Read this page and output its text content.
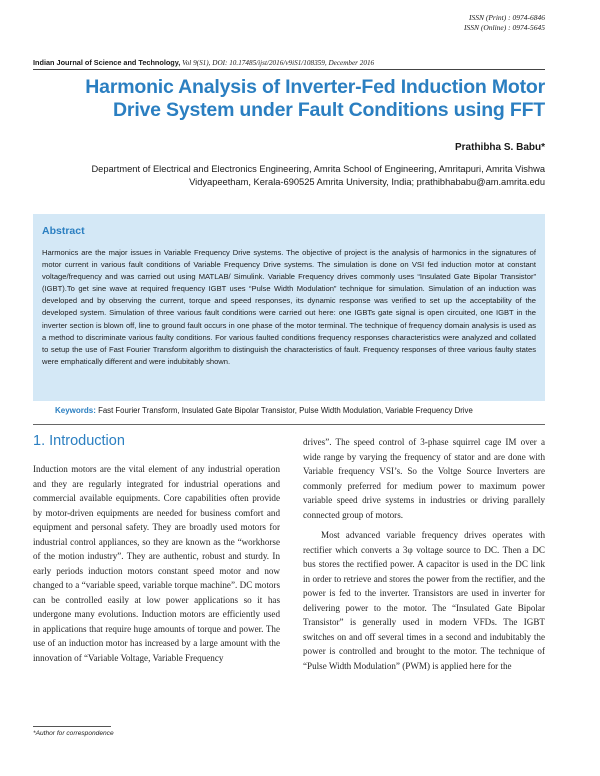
ISSN (Print) : 0974-6846
ISSN (Online) : 0974-5645
Indian Journal of Science and Technology, Vol 9(S1), DOI: 10.17485/ijst/2016/v9iS1/108359, December 2016
Harmonic Analysis of Inverter-Fed Induction Motor
Drive System under Fault Conditions using FFT
Prathibha S. Babu*
Department of Electrical and Electronics Engineering, Amrita School of Engineering, Amritapuri, Amrita Vishwa
Vidyapeetham, Kerala-690525 Amrita University, India; prathibhababu@am.amrita.edu
Abstract
Harmonics are the major issues in Variable Frequency Drive systems. The objective of project is the analysis of harmonics in the signatures of motor current in various fault conditions of Variable Frequency Drive systems. The simulation is done on VSI fed induction motor at constant voltage/frequency and was carried out using MATLAB/ Simulink. Variable Frequency drives commonly uses “Insulated Gate Bipolar Transistor” (IGBT).To get sine wave at required frequency IGBT uses “Pulse Width Modulation” technique for simulation. Simulation of an induction was developed and by observing the current, torque and speed responses, its dynamic response was verified to set up the acceptability of the developed system. Simulation of three various fault conditions were carried out here: one IGBTs gate signal is open circuited, one IGBT in the inverter section is blown off, line to ground fault occurs in one phase of the motor terminal. The technique of frequency domain analysis is used as a method to discriminate various faulty conditions. For various faulted conditions frequency responses characteristics were analyzed and collated to setup the use of Fast Fourier Transform algorithm to distinguish the characteristics of fault. Frequency responses of three various faulty states were emphatically different and were indubitably shown.
Keywords: Fast Fourier Transform, Insulated Gate Bipolar Transistor, Pulse Width Modulation, Variable Frequency Drive
1. Introduction

Induction motors are the vital element of any industrial operation and they are regularly integrated for industrial operations and commercial available equipments. Core capabilities often provide by motor-driven equipments are needed for business comfort and equipment and personal safety. They are broadly used motors for industrial control appliances, so they are known as the “workhorse of the motion industry”. They are authentic, robust and sturdy. In early periods induction motors constant speed motor and now changed to a “variable speed, variable torque machine”. DC motors can be controlled easily at low power applications so it has undergone many evolutions. Induction motors are efficiently used in applications that require huge amounts of torque and power. The use of an induction motor has increased by a large amount with the innovation of “Variable Voltage, Variable Frequency

drives”. The speed control of 3-phase squirrel cage IM over a wide range by varying the frequency of stator and are done with Variable frequency VSI’s. So the Voltge Source Inverters are commonly preferred for medium power to maximum power variable speed drive systems in industries or driving parallely connected group of motors.

Most advanced variable frequency drives operates with rectifier which converts a 3φ voltage source to DC. Then a DC bus stores the rectified power. A capacitor is used in the DC link in order to retrieve and stores the power from the rectifier, and the power is fed to the inverter. Transistors are used in inverter for delivering power to the motor. The “Insulated Gate Bipolar Transistor” is generally used in modern VFDs. The IGBT switches on and off several times in a second and indubitably the power is controlled and brought to the motor. The technique of “Pulse Width Modulation” (PWM) is applied here for the

*Author for correspondence
